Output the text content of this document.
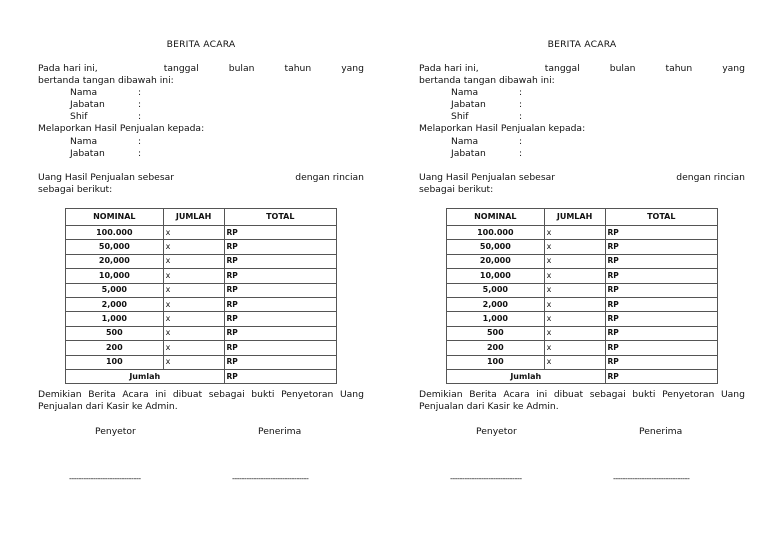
BERITA ACARA
Pada hari ini,	tanggal	bulan	tahun	yang
bertanda tangan dibawah ini:
Nama	:
Jabatan	:
Shif	:
Melaporkan Hasil Penjualan kepada:
Nama	:
Jabatan	:
Uang Hasil Penjualan sebesar	dengan rincian
sebagai berikut:
NOMINAL	JUMLAH	TOTAL
100.000	x	RP
50,000	x	RP
20,000	x	RP
10,000	x	RP
5,000	x	RP
2,000	x	RP
1,000	x	RP
500	x	RP
200	x	RP
100	x	RP
Jumlah		RP
Demikian Berita Acara ini dibuat sebagai bukti Penyetoran Uang
Penjualan dari Kasir ke Admin.
Penyetor	Penerima
------------------------------	--------------------------------
BERITA ACARA
Pada hari ini,	tanggal	bulan	tahun	yang
bertanda tangan dibawah ini:
Nama	:
Jabatan	:
Shif	:
Melaporkan Hasil Penjualan kepada:
Nama	:
Jabatan	:
Uang Hasil Penjualan sebesar	dengan rincian
sebagai berikut:
NOMINAL	JUMLAH	TOTAL
100.000	x	RP
50,000	x	RP
20,000	x	RP
10,000	x	RP
5,000	x	RP
2,000	x	RP
1,000	x	RP
500	x	RP
200	x	RP
100	x	RP
Jumlah		RP
Demikian Berita Acara ini dibuat sebagai bukti Penyetoran Uang
Penjualan dari Kasir ke Admin.
Penyetor	Penerima
------------------------------	--------------------------------
